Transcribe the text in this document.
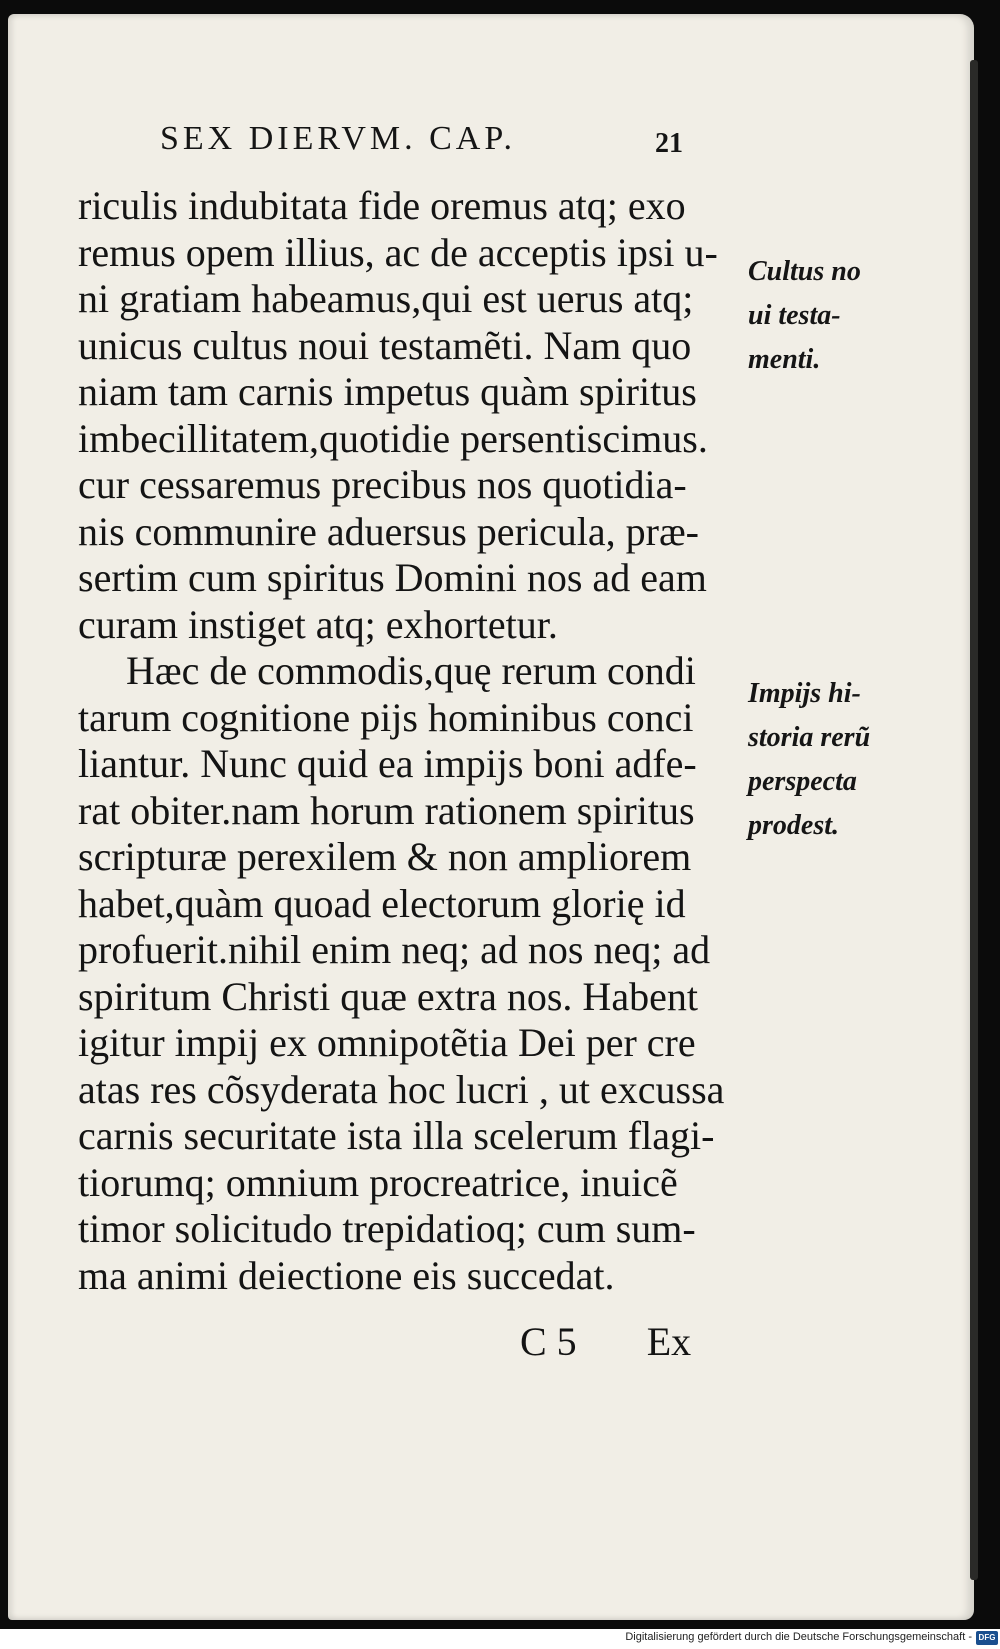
SEX DIERVM. CAP.	21
riculis indubitata fide oremus atq; exo
remus opem illius, ac de acceptis ipsi u-
ni gratiam habeamus,qui est uerus atq;
unicus cultus noui testamẽti. Nam quo
niam tam carnis impetus quàm spiritus
imbecillitatem,quotidie persentiscimus.
cur cessaremus precibus nos quotidia-
nis communire aduersus pericula, præ-
sertim cum spiritus Domini nos ad eam
curam instiget atq; exhortetur.
Hæc de commodis,quę rerum condi
tarum cognitione pijs hominibus conci
liantur. Nunc quid ea impijs boni adfe-
rat obiter.nam horum rationem spiritus
scripturæ perexilem & non ampliorem
habet,quàm quoad electorum glorię id
profuerit.nihil enim neq; ad nos neq; ad
spiritum Christi quæ extra nos. Habent
igitur impij ex omnipotẽtia Dei per cre
atas res cõsyderata hoc lucri , ut excussa
carnis securitate ista illa scelerum flagi-
tiorumq; omnium procreatrice, inuicẽ
timor solicitudo trepidatioq; cum sum-
ma animi deiectione eis succedat.
Cultus no
ui testa-
menti.
Impijs hi-
storia rerũ
perspecta
prodest.
C 5 Ex
Digitalisierung gefördert durch die Deutsche Forschungsgemeinschaft - DFG
